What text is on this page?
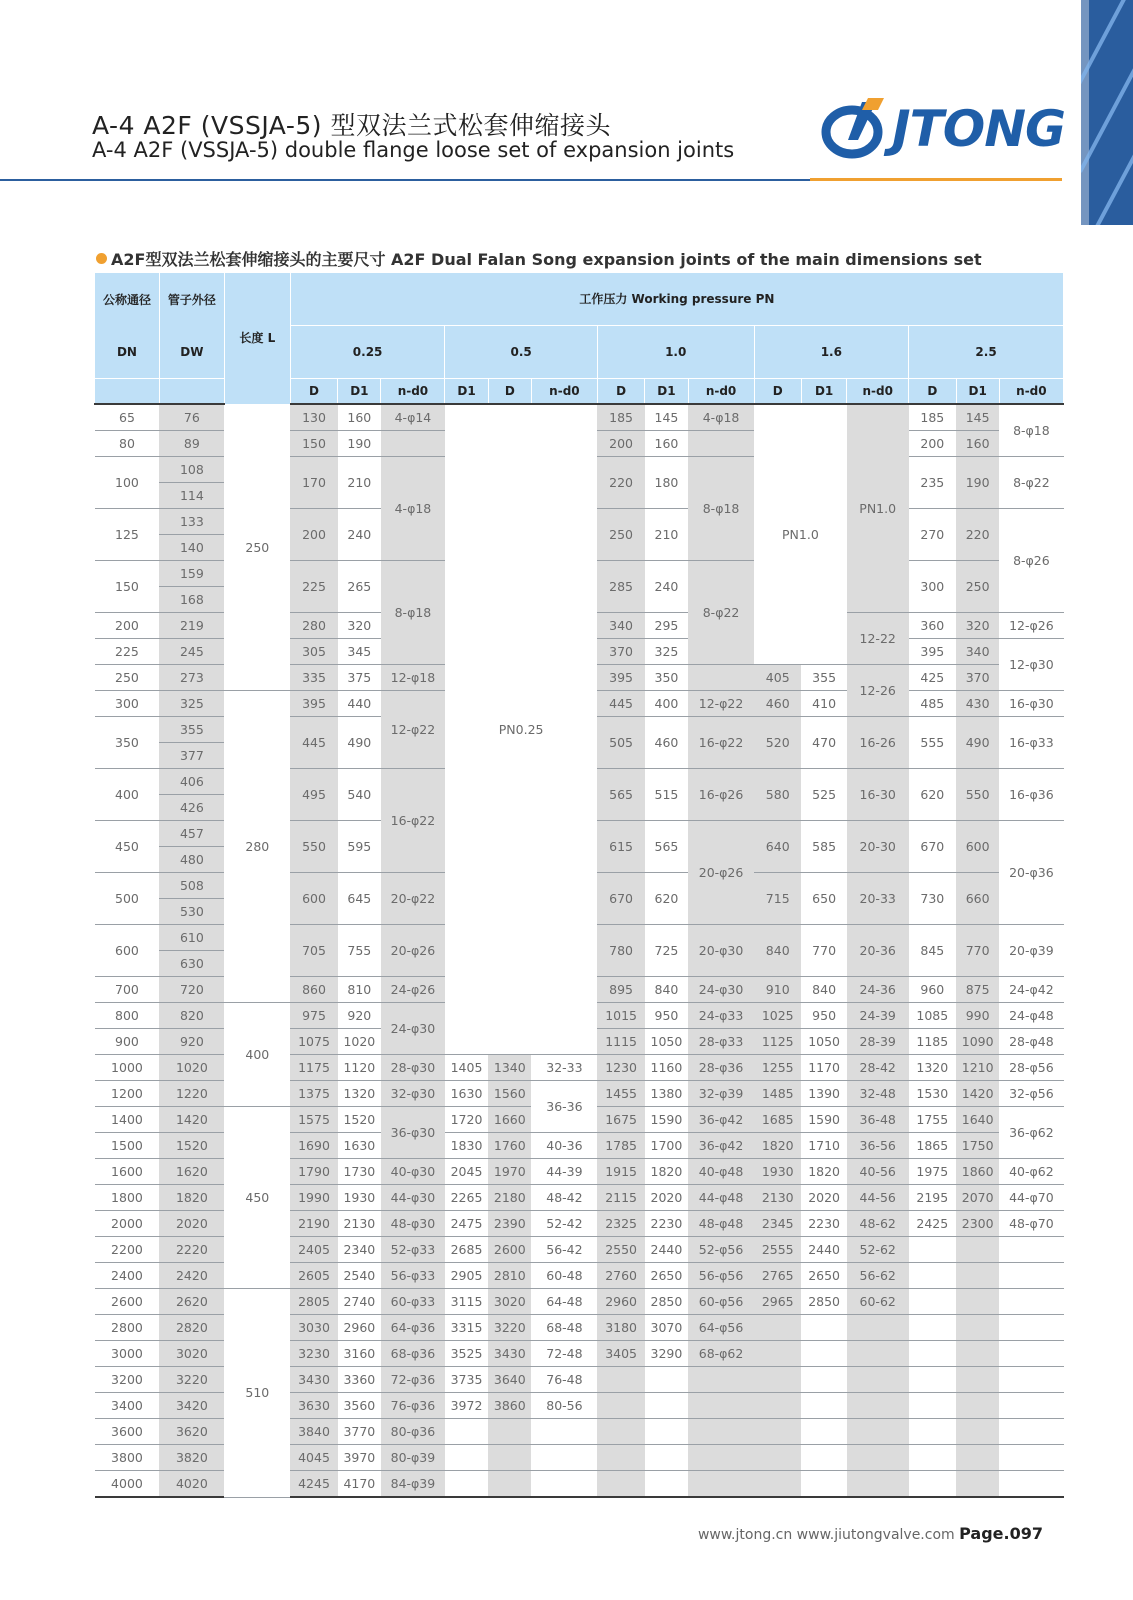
A-4 A2F (VSSJA-5) 型双法兰式松套伸缩接头
A-4 A2F (VSSJA-5) double flange loose set of expansion joints	JTONG
A2F型双法兰松套伸缩接头的主要尺寸 A2F Dual Falan Song expansion joints of the main dimensions set
公称通径 DN	管子外径 DW	长度 L	工作压力 Working pressure PN														
			0.25			0.5			1.0			1.6			2.5		
			D	D1	n-d0	D1	D	n-d0	D	D1	n-d0	D	D1	n-d0	D	D1	n-d0
65	76	250	130	160	4-φ14	PN0.25			185	145	4-φ18	PN1.0		PN1.0	185	145	8-φ18
80	89		150	190					200	160					200	160	
100	108		170	210	4-φ18				220	180	8-φ18				235	190	8-φ22
	114																
125	133		200	240					250	210					270	220	8-φ26
	140																
150	159		225	265	8-φ18				285	240	8-φ22				300	250	
	168																
200	219		280	320					340	295				12-22	360	320	12-φ26
225	245		305	345					370	325					395	340	12-φ30
250	273		335	375	12-φ18				395	350		405	355	12-26	425	370	
300	325	280	395	440	12-φ22				445	400	12-φ22	460	410		485	430	16-φ30
350	355		445	490					505	460	16-φ22	520	470	16-26	555	490	16-φ33
	377																
400	406		495	540	16-φ22				565	515	16-φ26	580	525	16-30	620	550	16-φ36
	426																
450	457		550	595					615	565	20-φ26	640	585	20-30	670	600	20-φ36
	480																
500	508		600	645	20-φ22				670	620		715	650	20-33	730	660	
	530																
600	610		705	755	20-φ26				780	725	20-φ30	840	770	20-36	845	770	20-φ39
	630																
700	720		860	810	24-φ26				895	840	24-φ30	910	840	24-36	960	875	24-φ42
800	820	400	975	920	24-φ30				1015	950	24-φ33	1025	950	24-39	1085	990	24-φ48
900	920		1075	1020					1115	1050	28-φ33	1125	1050	28-39	1185	1090	28-φ48
1000	1020		1175	1120	28-φ30	1405	1340	32-33	1230	1160	28-φ36	1255	1170	28-42	1320	1210	28-φ56
1200	1220		1375	1320	32-φ30	1630	1560	36-36	1455	1380	32-φ39	1485	1390	32-48	1530	1420	32-φ56
1400	1420	450	1575	1520	36-φ30	1720	1660		1675	1590	36-φ42	1685	1590	36-48	1755	1640	36-φ62
1500	1520		1690	1630		1830	1760	40-36	1785	1700	36-φ42	1820	1710	36-56	1865	1750	
1600	1620		1790	1730	40-φ30	2045	1970	44-39	1915	1820	40-φ48	1930	1820	40-56	1975	1860	40-φ62
1800	1820		1990	1930	44-φ30	2265	2180	48-42	2115	2020	44-φ48	2130	2020	44-56	2195	2070	44-φ70
2000	2020		2190	2130	48-φ30	2475	2390	52-42	2325	2230	48-φ48	2345	2230	48-62	2425	2300	48-φ70
2200	2220		2405	2340	52-φ33	2685	2600	56-42	2550	2440	52-φ56	2555	2440	52-62			
2400	2420		2605	2540	56-φ33	2905	2810	60-48	2760	2650	56-φ56	2765	2650	56-62			
2600	2620	510	2805	2740	60-φ33	3115	3020	64-48	2960	2850	60-φ56	2965	2850	60-62			
2800	2820		3030	2960	64-φ36	3315	3220	68-48	3180	3070	64-φ56						
3000	3020		3230	3160	68-φ36	3525	3430	72-48	3405	3290	68-φ62						
3200	3220		3430	3360	72-φ36	3735	3640	76-48									
3400	3420		3630	3560	76-φ36	3972	3860	80-56									
3600	3620		3840	3770	80-φ36												
3800	3820		4045	3970	80-φ39												
4000	4020		4245	4170	84-φ39												
www.jtong.cn www.jiutongvalve.com Page.097
